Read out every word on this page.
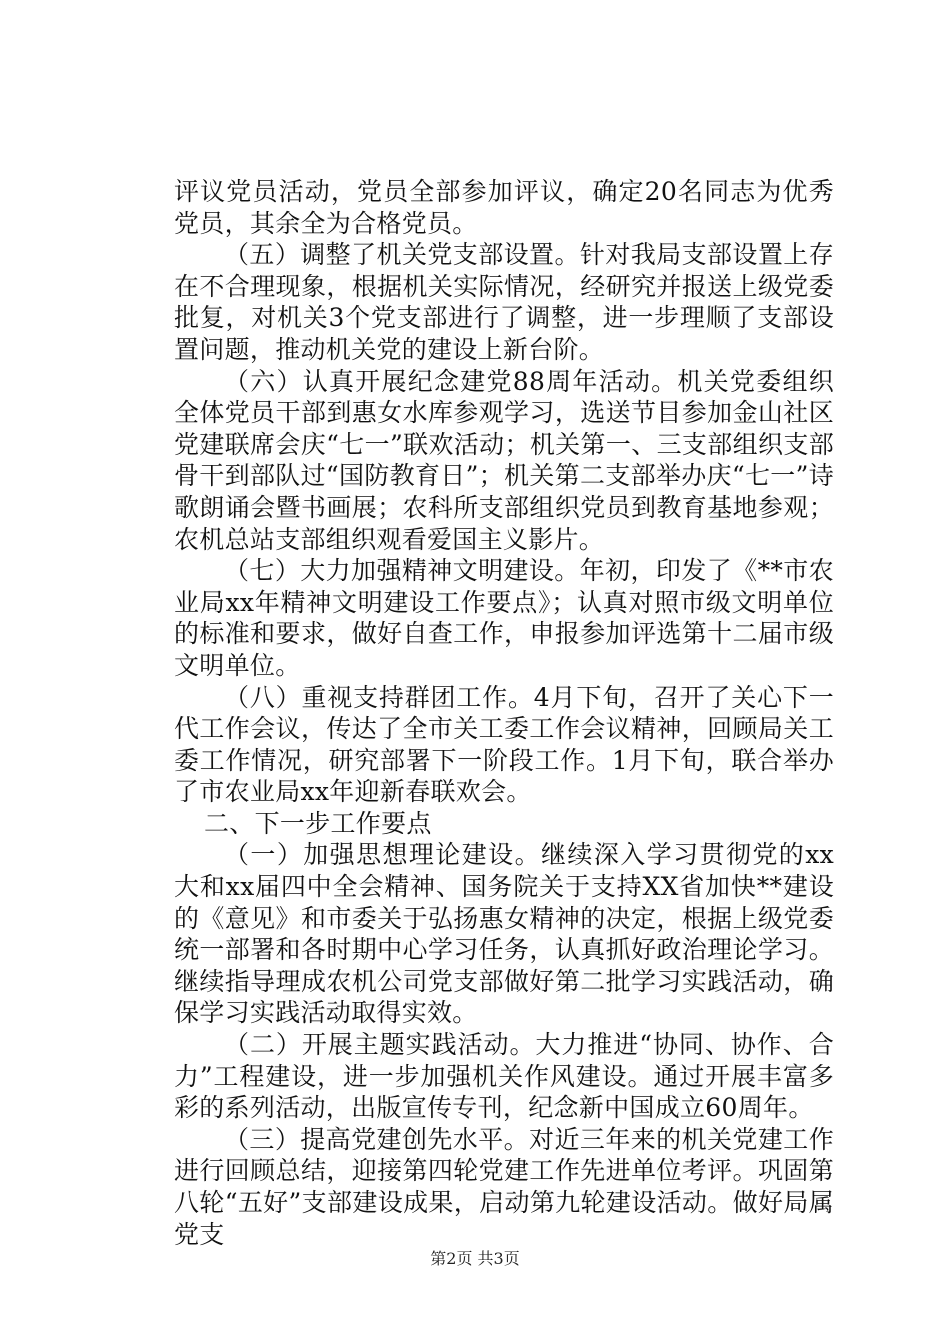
评议党员活动，党员全部参加评议，确定20名同志为优秀党员，其余全为合格党员。

（五）调整了机关党支部设置。针对我局支部设置上存在不合理现象，根据机关实际情况，经研究并报送上级党委批复，对机关3个党支部进行了调整，进一步理顺了支部设置问题，推动机关党的建设上新台阶。

（六）认真开展纪念建党88周年活动。机关党委组织全体党员干部到惠女水库参观学习，选送节目参加金山社区党建联席会庆“七一”联欢活动；机关第一、三支部组织支部骨干到部队过“国防教育日”；机关第二支部举办庆“七一”诗歌朗诵会暨书画展；农科所支部组织党员到教育基地参观；农机总站支部组织观看爱国主义影片。

（七）大力加强精神文明建设。年初，印发了《**市农业局xx年精神文明建设工作要点》；认真对照市级文明单位的标准和要求，做好自查工作，申报参加评选第十二届市级文明单位。

（八）重视支持群团工作。4月下旬，召开了关心下一代工作会议，传达了全市关工委工作会议精神，回顾局关工委工作情况，研究部署下一阶段工作。1月下旬，联合举办了市农业局xx年迎新春联欢会。

二、下一步工作要点

（一）加强思想理论建设。继续深入学习贯彻党的xx大和xx届四中全会精神、国务院关于支持XX省加快**建设的《意见》和市委关于弘扬惠女精神的决定，根据上级党委统一部署和各时期中心学习任务，认真抓好政治理论学习。继续指导理成农机公司党支部做好第二批学习实践活动，确保学习实践活动取得实效。

（二）开展主题实践活动。大力推进“协同、协作、合力”工程建设，进一步加强机关作风建设。通过开展丰富多彩的系列活动，出版宣传专刊，纪念新中国成立60周年。

（三）提高党建创先水平。对近三年来的机关党建工作进行回顾总结，迎接第四轮党建工作先进单位考评。巩固第八轮“五好”支部建设成果，启动第九轮建设活动。做好局属党支

第2页 共3页
